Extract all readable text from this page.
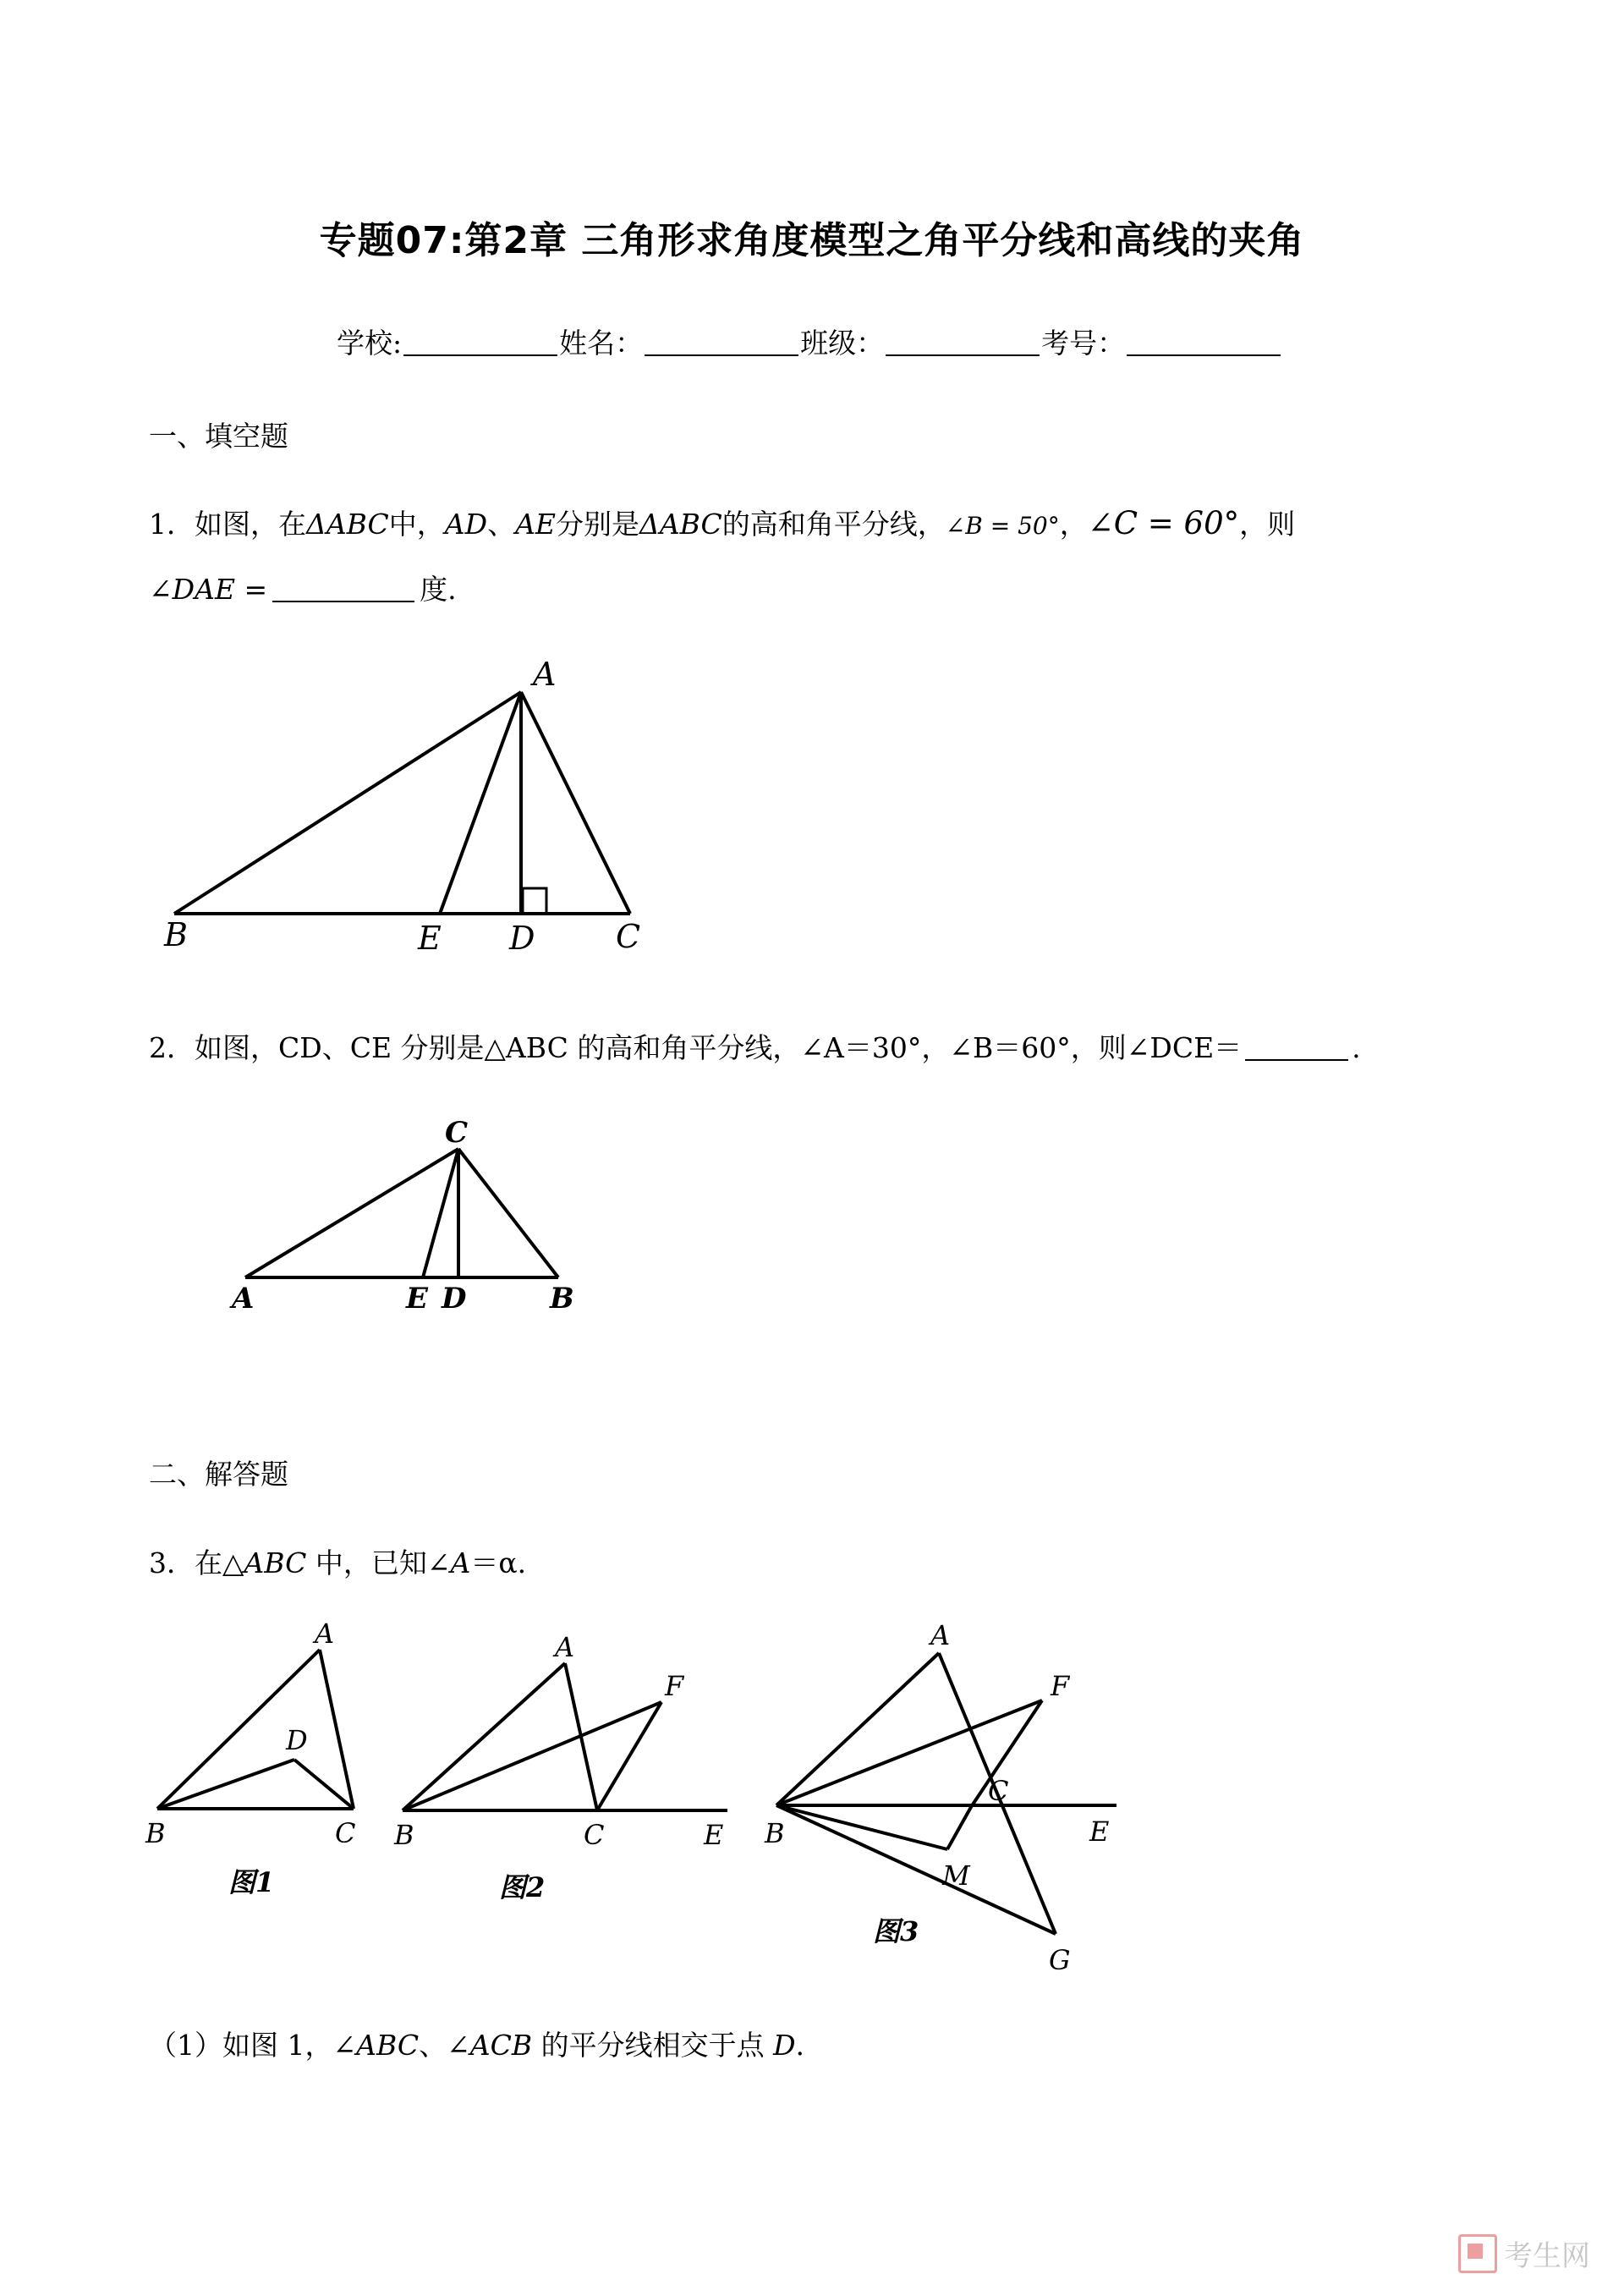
专题07:第2章 三角形求角度模型之角平分线和高线的夹角
学校:	姓名：	班级：	考号：
一、填空题
1．如图，在ΔABC中，AD、AE分别是ΔABC的高和角平分线，∠B = 50°，∠C = 60°，则
∠DAE =	度.
A
B	E D	C
2．如图，CD、CE 分别是△ABC 的高和角平分线，∠A＝30°，∠B＝60°，则∠DCE＝	.
C
A	E D	B
二、解答题
3．在△ABC 中，已知∠A＝α.
A
D
B	C
图1
A
F
B	C	E
图2
A
F
C
B	E
M
G
图3
（1）如图 1，∠ABC、∠ACB 的平分线相交于点 D.
考生网
